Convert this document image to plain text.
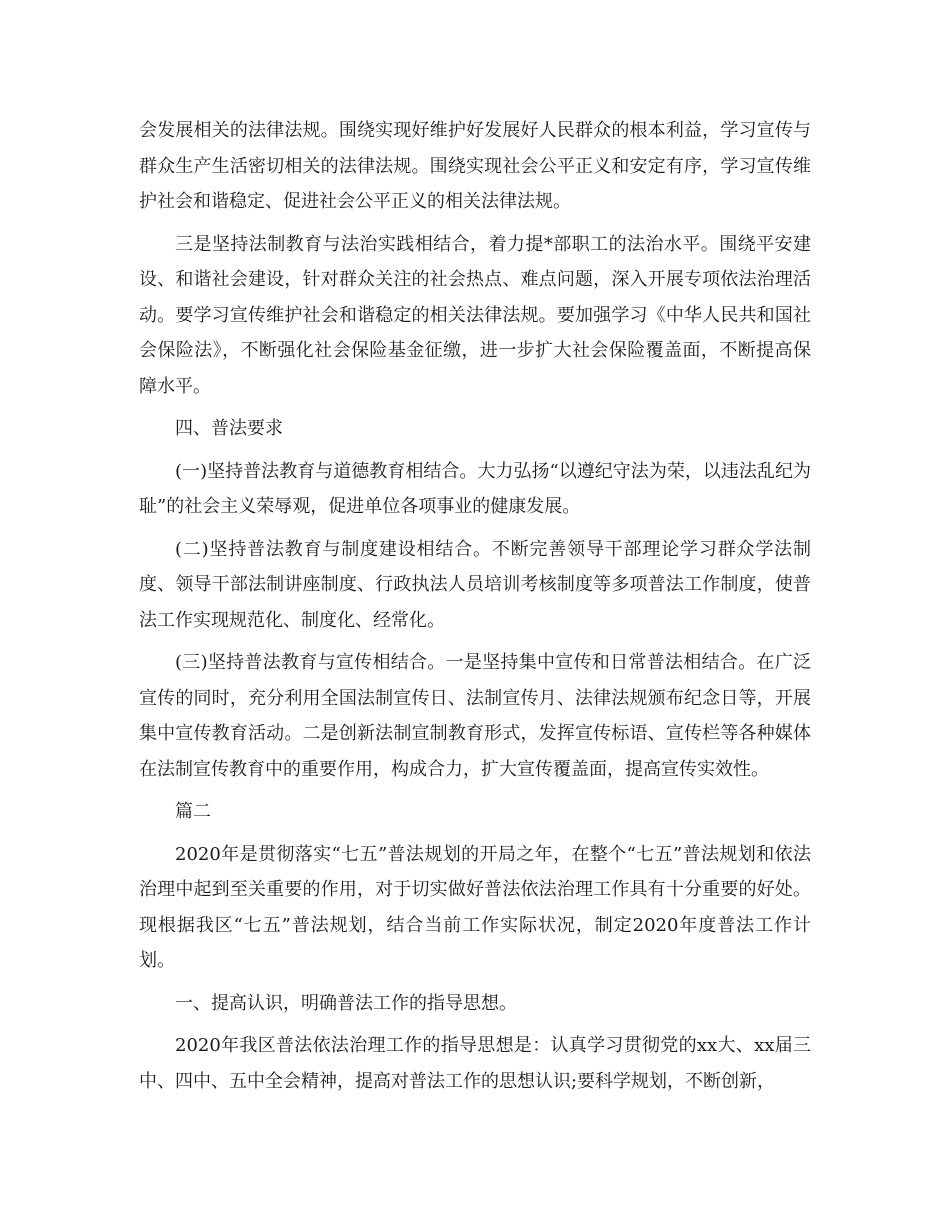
会发展相关的法律法规。围绕实现好维护好发展好人民群众的根本利益，学习宣传与群众生产生活密切相关的法律法规。围绕实现社会公平正义和安定有序，学习宣传维护社会和谐稳定、促进社会公平正义的相关法律法规。

三是坚持法制教育与法治实践相结合，着力提*部职工的法治水平。围绕平安建设、和谐社会建设，针对群众关注的社会热点、难点问题，深入开展专项依法治理活动。要学习宣传维护社会和谐稳定的相关法律法规。要加强学习《中华人民共和国社会保险法》，不断强化社会保险基金征缴，进一步扩大社会保险覆盖面，不断提高保障水平。

四、普法要求

(一)坚持普法教育与道德教育相结合。大力弘扬“以遵纪守法为荣，以违法乱纪为耻”的社会主义荣辱观，促进单位各项事业的健康发展。

(二)坚持普法教育与制度建设相结合。不断完善领导干部理论学习群众学法制度、领导干部法制讲座制度、行政执法人员培训考核制度等多项普法工作制度，使普法工作实现规范化、制度化、经常化。

(三)坚持普法教育与宣传相结合。一是坚持集中宣传和日常普法相结合。在广泛宣传的同时，充分利用全国法制宣传日、法制宣传月、法律法规颁布纪念日等，开展集中宣传教育活动。二是创新法制宣制教育形式，发挥宣传标语、宣传栏等各种媒体在法制宣传教育中的重要作用，构成合力，扩大宣传覆盖面，提高宣传实效性。

篇二

2020年是贯彻落实“七五”普法规划的开局之年，在整个“七五”普法规划和依法治理中起到至关重要的作用，对于切实做好普法依法治理工作具有十分重要的好处。现根据我区“七五”普法规划，结合当前工作实际状况，制定2020年度普法工作计划。

一、提高认识，明确普法工作的指导思想。

2020年我区普法依法治理工作的指导思想是：认真学习贯彻党的xx大、xx届三中、四中、五中全会精神，提高对普法工作的思想认识;要科学规划，不断创新，
